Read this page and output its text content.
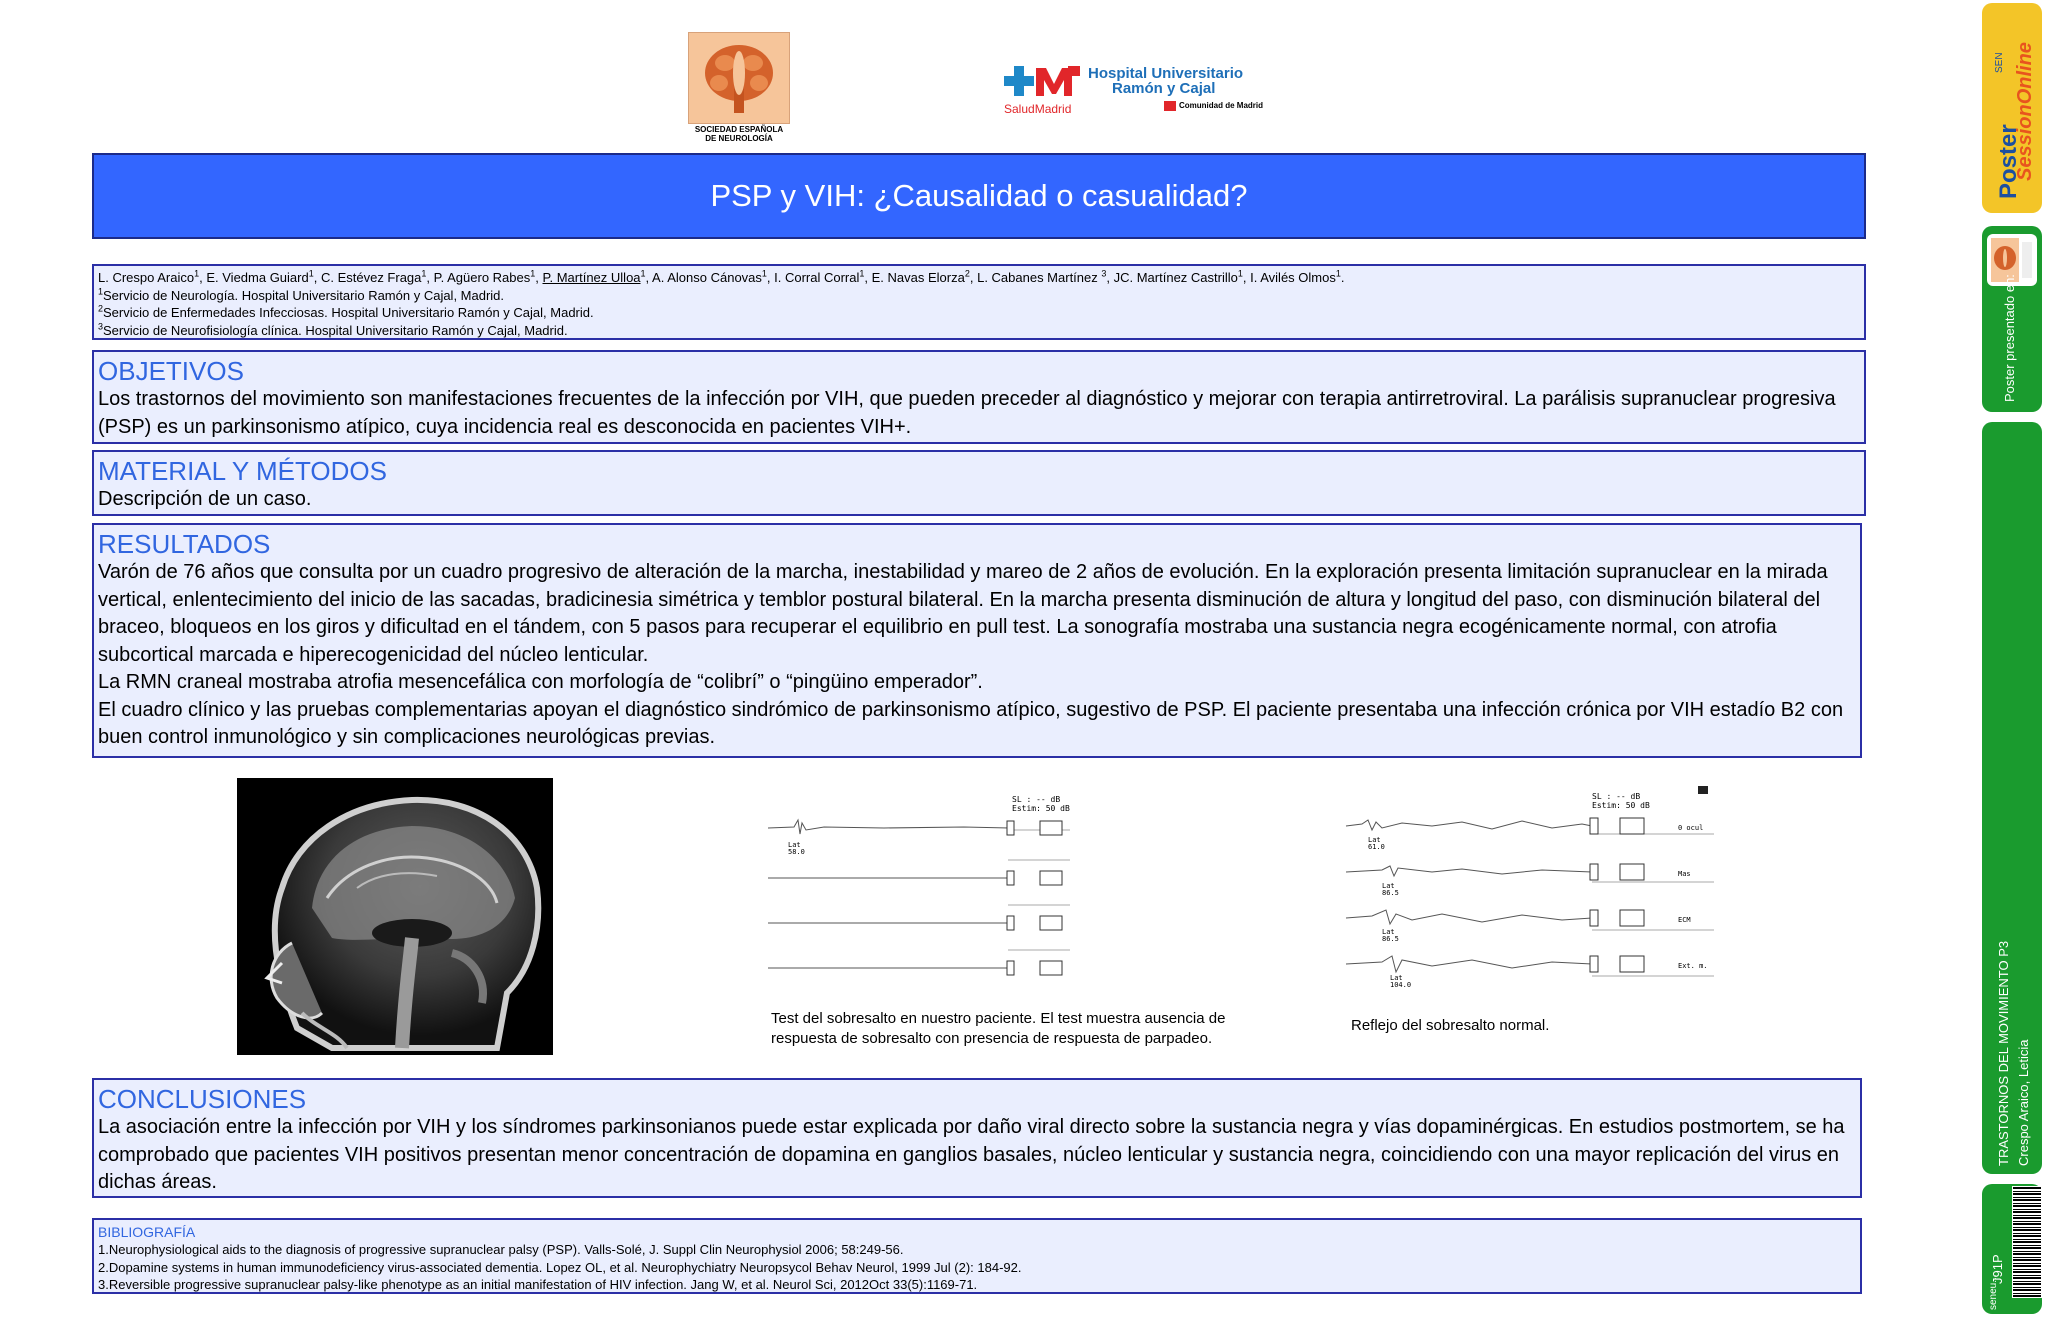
SOCIEDAD ESPAÑOLA
DE NEUROLOGÍA
SaludMadrid
Hospital Universitario
Ramón y Cajal
Comunidad de Madrid
PSP y VIH: ¿Causalidad o casualidad?
L. Crespo Araico$^1$, E. Viedma Guiard$^1$, C. Estévez Fraga$^1$, P. Agüero Rabes$^1$, P. Martínez Ulloa$^1$, A. Alonso Cánovas$^1$, I. Corral Corral$^1$, E. Navas Elorza$^2$, L. Cabanes Martínez $^3$, JC. Martínez Castrillo$^1$, I. Avilés Olmos$^1$.
$^1$Servicio de Neurología. Hospital Universitario Ramón y Cajal, Madrid.
$^2$Servicio de Enfermedades Infecciosas. Hospital Universitario Ramón y Cajal, Madrid.
$^3$Servicio de Neurofisiología clínica. Hospital Universitario Ramón y Cajal, Madrid.
OBJETIVOS
Los trastornos del movimiento son manifestaciones frecuentes de la infección por VIH, que pueden preceder al diagnóstico y mejorar con terapia antirretroviral. La parálisis supranuclear progresiva (PSP) es un parkinsonismo atípico, cuya incidencia real es desconocida en pacientes VIH+.
MATERIAL Y MÉTODOS
Descripción de un caso.
RESULTADOS
Varón de 76 años que consulta por un cuadro progresivo de alteración de la marcha, inestabilidad y mareo de 2 años de evolución. En la exploración presenta limitación supranuclear en la mirada vertical, enlentecimiento del inicio de las sacadas, bradicinesia simétrica y temblor postural bilateral. En la marcha presenta disminución de altura y longitud del paso, con disminución bilateral del braceo, bloqueos en los giros y dificultad en el tándem, con 5 pasos para recuperar el equilibrio en pull test. La sonografía mostraba una sustancia negra ecogénicamente normal, con atrofia subcortical marcada e hiperecogenicidad del núcleo lenticular.
La RMN craneal mostraba atrofia mesencefálica con morfología de “colibrí” o “pingüino emperador”.
El cuadro clínico y las pruebas complementarias apoyan el diagnóstico sindrómico de parkinsonismo atípico, sugestivo de PSP. El paciente presentaba una infección crónica por VIH estadío B2 con buen control inmunológico y sin complicaciones neurológicas previas.
SL : -- dB
Estim: 50 dB
Lat
58.0
Test del sobresalto en nuestro paciente. El test muestra ausencia de respuesta de sobresalto con presencia de respuesta de parpadeo.
SL : -- dB
Estim: 50 dB
Lat
61.0
Lat
86.5
Lat
86.5
Lat
104.0
0 ocul
Mas
ECM
Ext. m.
Reflejo del sobresalto normal.
CONCLUSIONES
La asociación entre la infección por VIH y los síndromes parkinsonianos puede estar explicada por daño viral directo sobre la sustancia negra y vías dopaminérgicas. En estudios postmortem, se ha comprobado que pacientes VIH positivos presentan menor concentración de dopamina en ganglios basales, núcleo lenticular y sustancia negra, coincidiendo con una mayor replicación del virus en dichas áreas.
BIBLIOGRAFÍA
1.Neurophysiological aids to the diagnosis of progressive supranuclear palsy (PSP). Valls-Solé, J. Suppl Clin Neurophysiol 2006; 58:249-56.
2.Dopamine systems in human immunodeficiency virus-associated dementia. Lopez OL, et al. Neurophychiatry Neuropsycol Behav Neurol, 1999 Jul (2): 184-92.
3.Reversible progressive supranuclear palsy-like phenotype as an initial manifestation of HIV infection. Jang W, et al. Neurol Sci, 2012Oct 33(5):1169-71.
Poster
SessionOnline
SEN
Poster presentado en:
TRASTORNOS DEL MOVIMIENTO P3 Crespo Araico, Leticia
J91P
seneu...
